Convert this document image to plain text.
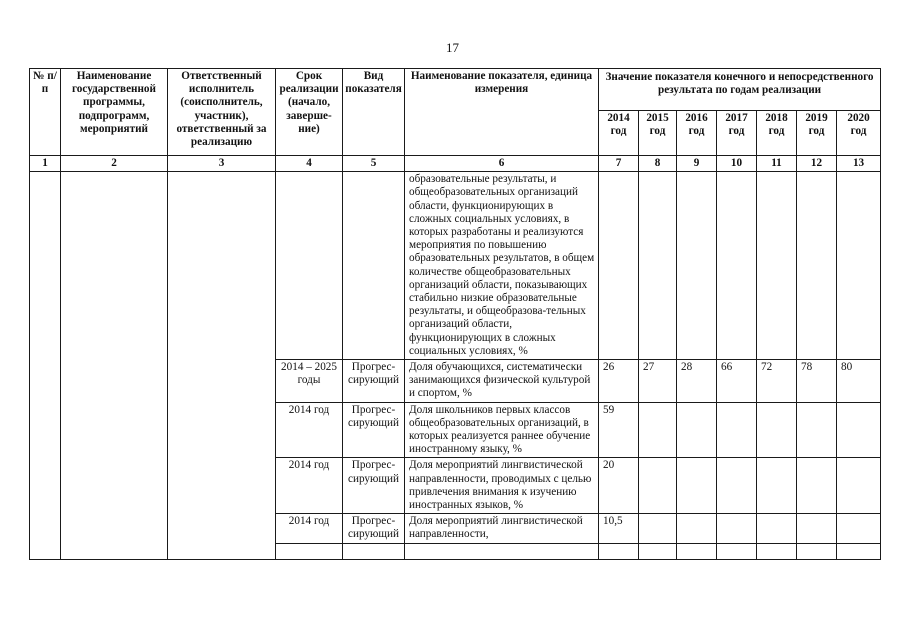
17
№ п/п	Наименование государственной программы, подпрограмм, мероприятий	Ответственный исполнитель (соисполнитель, участник), ответственный за реализацию	Срок реализации (начало, заверше-ние)	Вид показателя	Наименование показателя, единица измерения	Значение показателя конечного и непосредственного результата по годам реализации						
						2014 год	2015 год	2016 год	2017 год	2018 год	2019 год	2020 год
1	2	3	4	5	6	7	8	9	10	11	12	13
					образовательные результаты, и общеобразовательных организаций области, функционирующих в сложных социальных условиях, в которых разработаны и реализуются мероприятия по повышению образовательных результатов, в общем количестве общеобразовательных организаций области, показывающих стабильно низкие образовательные результаты, и общеобразова-тельных организаций области, функционирующих в сложных социальных условиях, %							
			2014 – 2025 годы	Прогрес-сирующий	Доля обучающихся, систематически занимающихся физической культурой и спортом, %	26	27	28	66	72	78	80
			2014 год	Прогрес-сирующий	Доля школьников первых классов общеобразовательных организаций, в которых реализуется раннее обучение иностранному языку, %	59						
			2014 год	Прогрес-сирующий	Доля мероприятий лингвистической направленности, проводимых с целью привлечения внимания к изучению иностранных языков, %	20						
			2014 год	Прогрес-сирующий	Доля мероприятий лингвистической направленности,	10,5						
